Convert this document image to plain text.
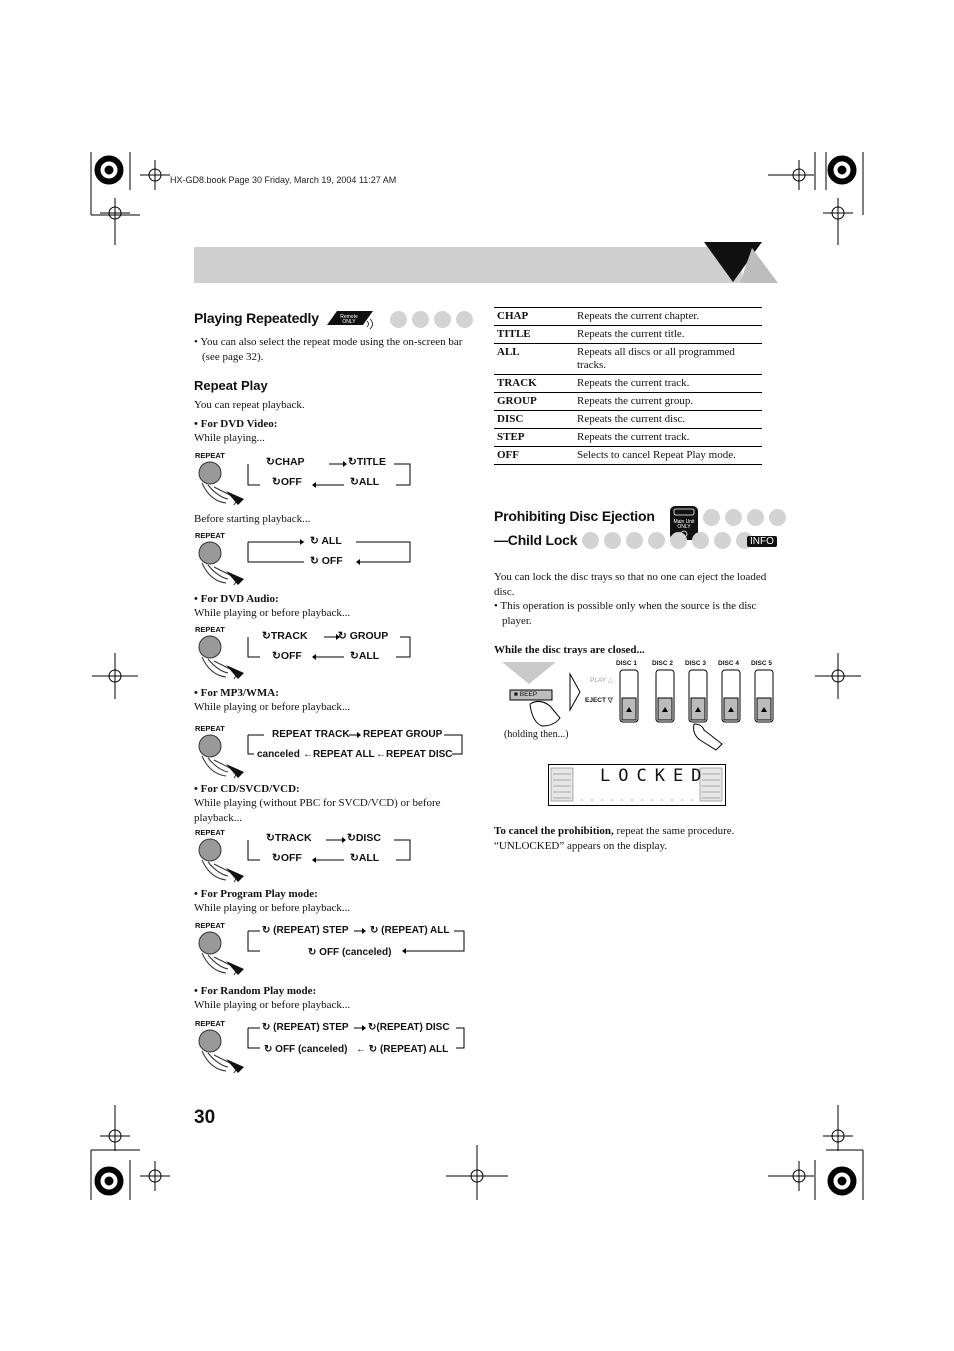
HX-GD8.book Page 30 Friday, March 19, 2004 11:27 AM
Playing Repeatedly	Remote
ONLY
• You can also select the repeat mode using the on-screen bar (see page 32).
Repeat Play
You can repeat playback.
• For DVD Video:
While playing...
REPEAT
↻CHAP	↻TITLE
↻OFF	↻ALL
Before starting playback...
REPEAT	↻ ALL
↻ OFF
• For DVD Audio:
While playing or before playback...
REPEAT
↻TRACK	↻ GROUP
↻OFF	↻ALL
• For MP3/WMA:
While playing or before playback...
REPEAT
REPEAT TRACK REPEAT GROUP
canceled ←REPEAT ALL ←REPEAT DISC
• For CD/SVCD/VCD:
While playing (without PBC for SVCD/VCD) or before playback...
REPEAT	↻TRACK	↻DISC
↻OFF	↻ALL
• For Program Play mode:
While playing or before playback...
REPEAT	↻ (REPEAT) STEP ↻ (REPEAT) ALL
↻ OFF (canceled)
• For Random Play mode:
While playing or before playback...
REPEAT	↻ (REPEAT) STEP ↻(REPEAT) DISC
↻ OFF (canceled) ← ↻ (REPEAT) ALL
30
CHAP	Repeats the current chapter.
TITLE	Repeats the current title.
ALL	Repeats all discs or all programmed tracks.
TRACK	Repeats the current track.
GROUP	Repeats the current group.
DISC	Repeats the current disc.
STEP	Repeats the current track.
OFF	Selects to cancel Repeat Play mode.
Prohibiting Disc Ejection
—Child Lock
Main Unit
ONLY
INFO
You can lock the disc trays so that no one can eject the loaded disc.
• This operation is possible only when the source is the disc player.
While the disc trays are closed...
■ BEEP
(holding then...)
PLAY △
EJECT ▽
DISC 1 DISC 2 DISC 3 DISC 4 DISC 5
LOCKED
To cancel the prohibition, repeat the same procedure.
“UNLOCKED” appears on the display.
